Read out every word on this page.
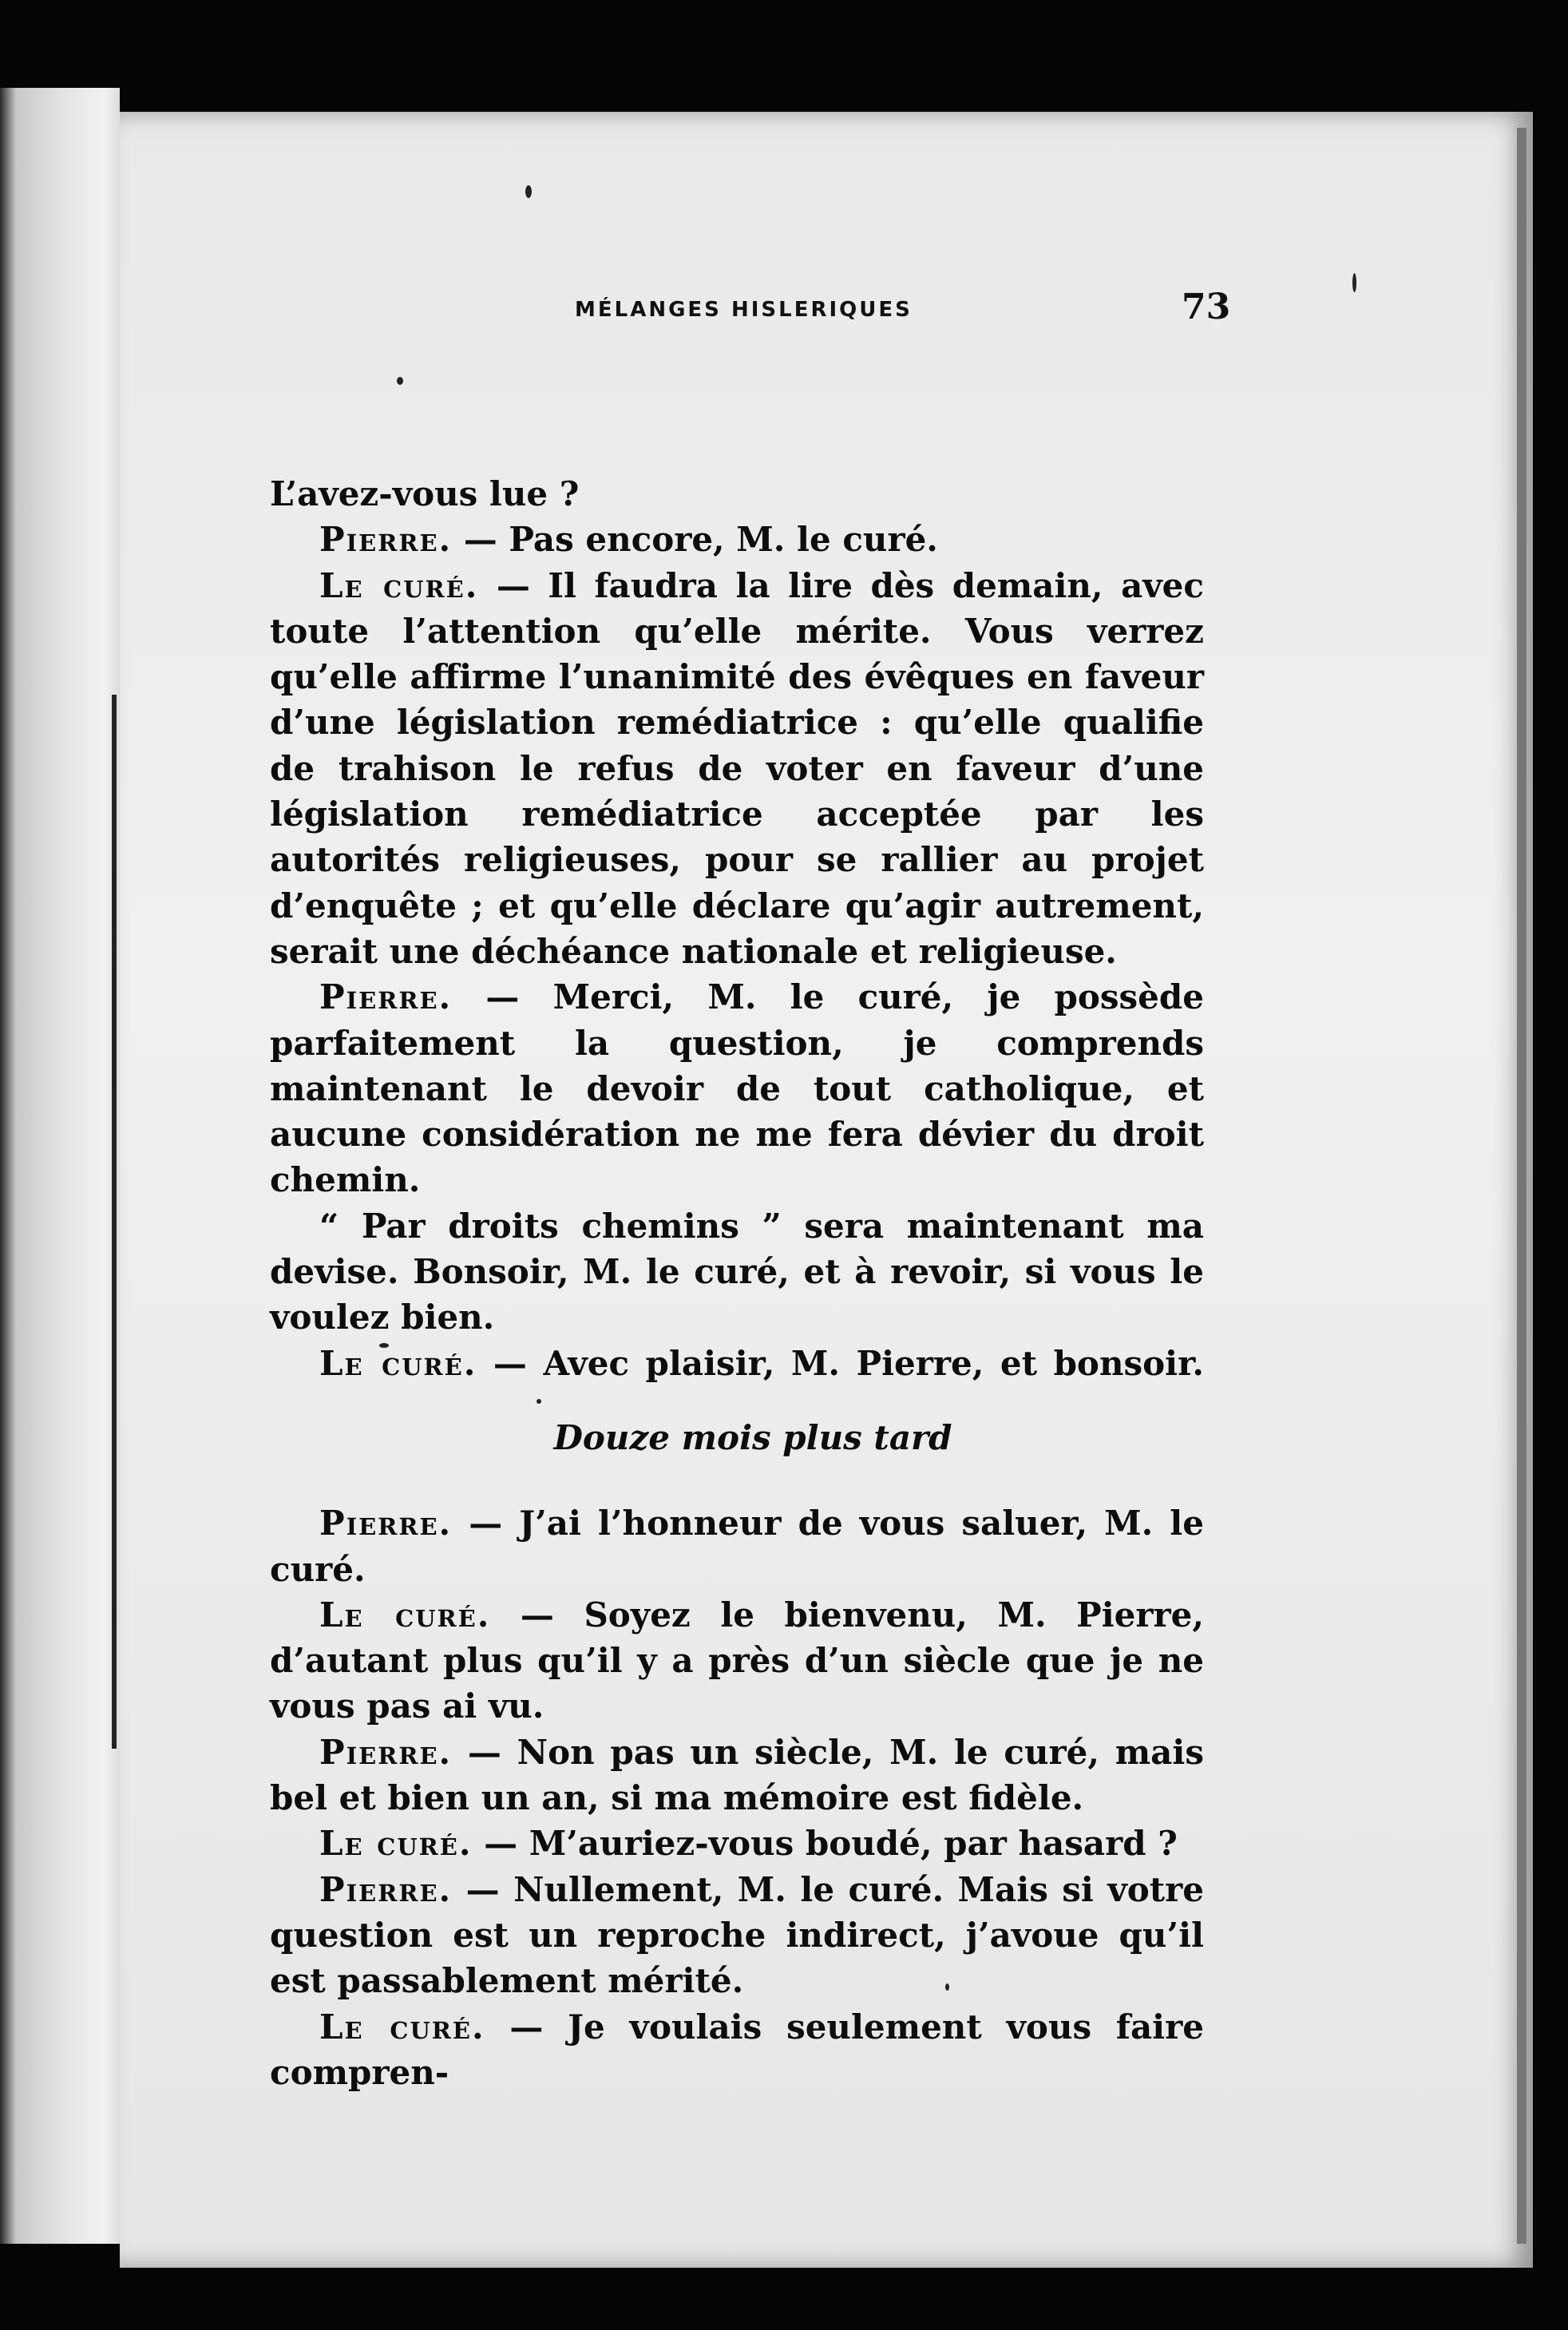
MÉLANGES HISLERIQUES	73

L’avez-vous lue ?

Pierre. — Pas encore, M. le curé.

Le curé. — Il faudra la lire dès demain, avec toute l’attention qu’elle mérite. Vous verrez qu’elle affirme l’unanimité des évêques en faveur d’une législation remédiatrice : qu’elle qualifie de trahison le refus de voter en faveur d’une législation remédiatrice acceptée par les autorités religieuses, pour se rallier au projet d’enquête ; et qu’elle déclare qu’agir autrement, serait une déchéance nationale et religieuse.

Pierre. — Merci, M. le curé, je possède parfaitement la question, je comprends maintenant le devoir de tout catholique, et aucune considération ne me fera dévier du droit chemin.

“ Par droits chemins ” sera maintenant ma devise. Bonsoir, M. le curé, et à revoir, si vous le voulez bien.

Le curé. — Avec plaisir, M. Pierre, et bonsoir.

Douze mois plus tard

Pierre. — J’ai l’honneur de vous saluer, M. le curé.

Le curé. — Soyez le bienvenu, M. Pierre, d’autant plus qu’il y a près d’un siècle que je ne vous pas ai vu.

Pierre. — Non pas un siècle, M. le curé, mais bel et bien un an, si ma mémoire est fidèle.

Le curé. — M’auriez-vous boudé, par hasard ?

Pierre. — Nullement, M. le curé. Mais si votre question est un reproche indirect, j’avoue qu’il est passablement mérité.

Le curé. — Je voulais seulement vous faire compren-
